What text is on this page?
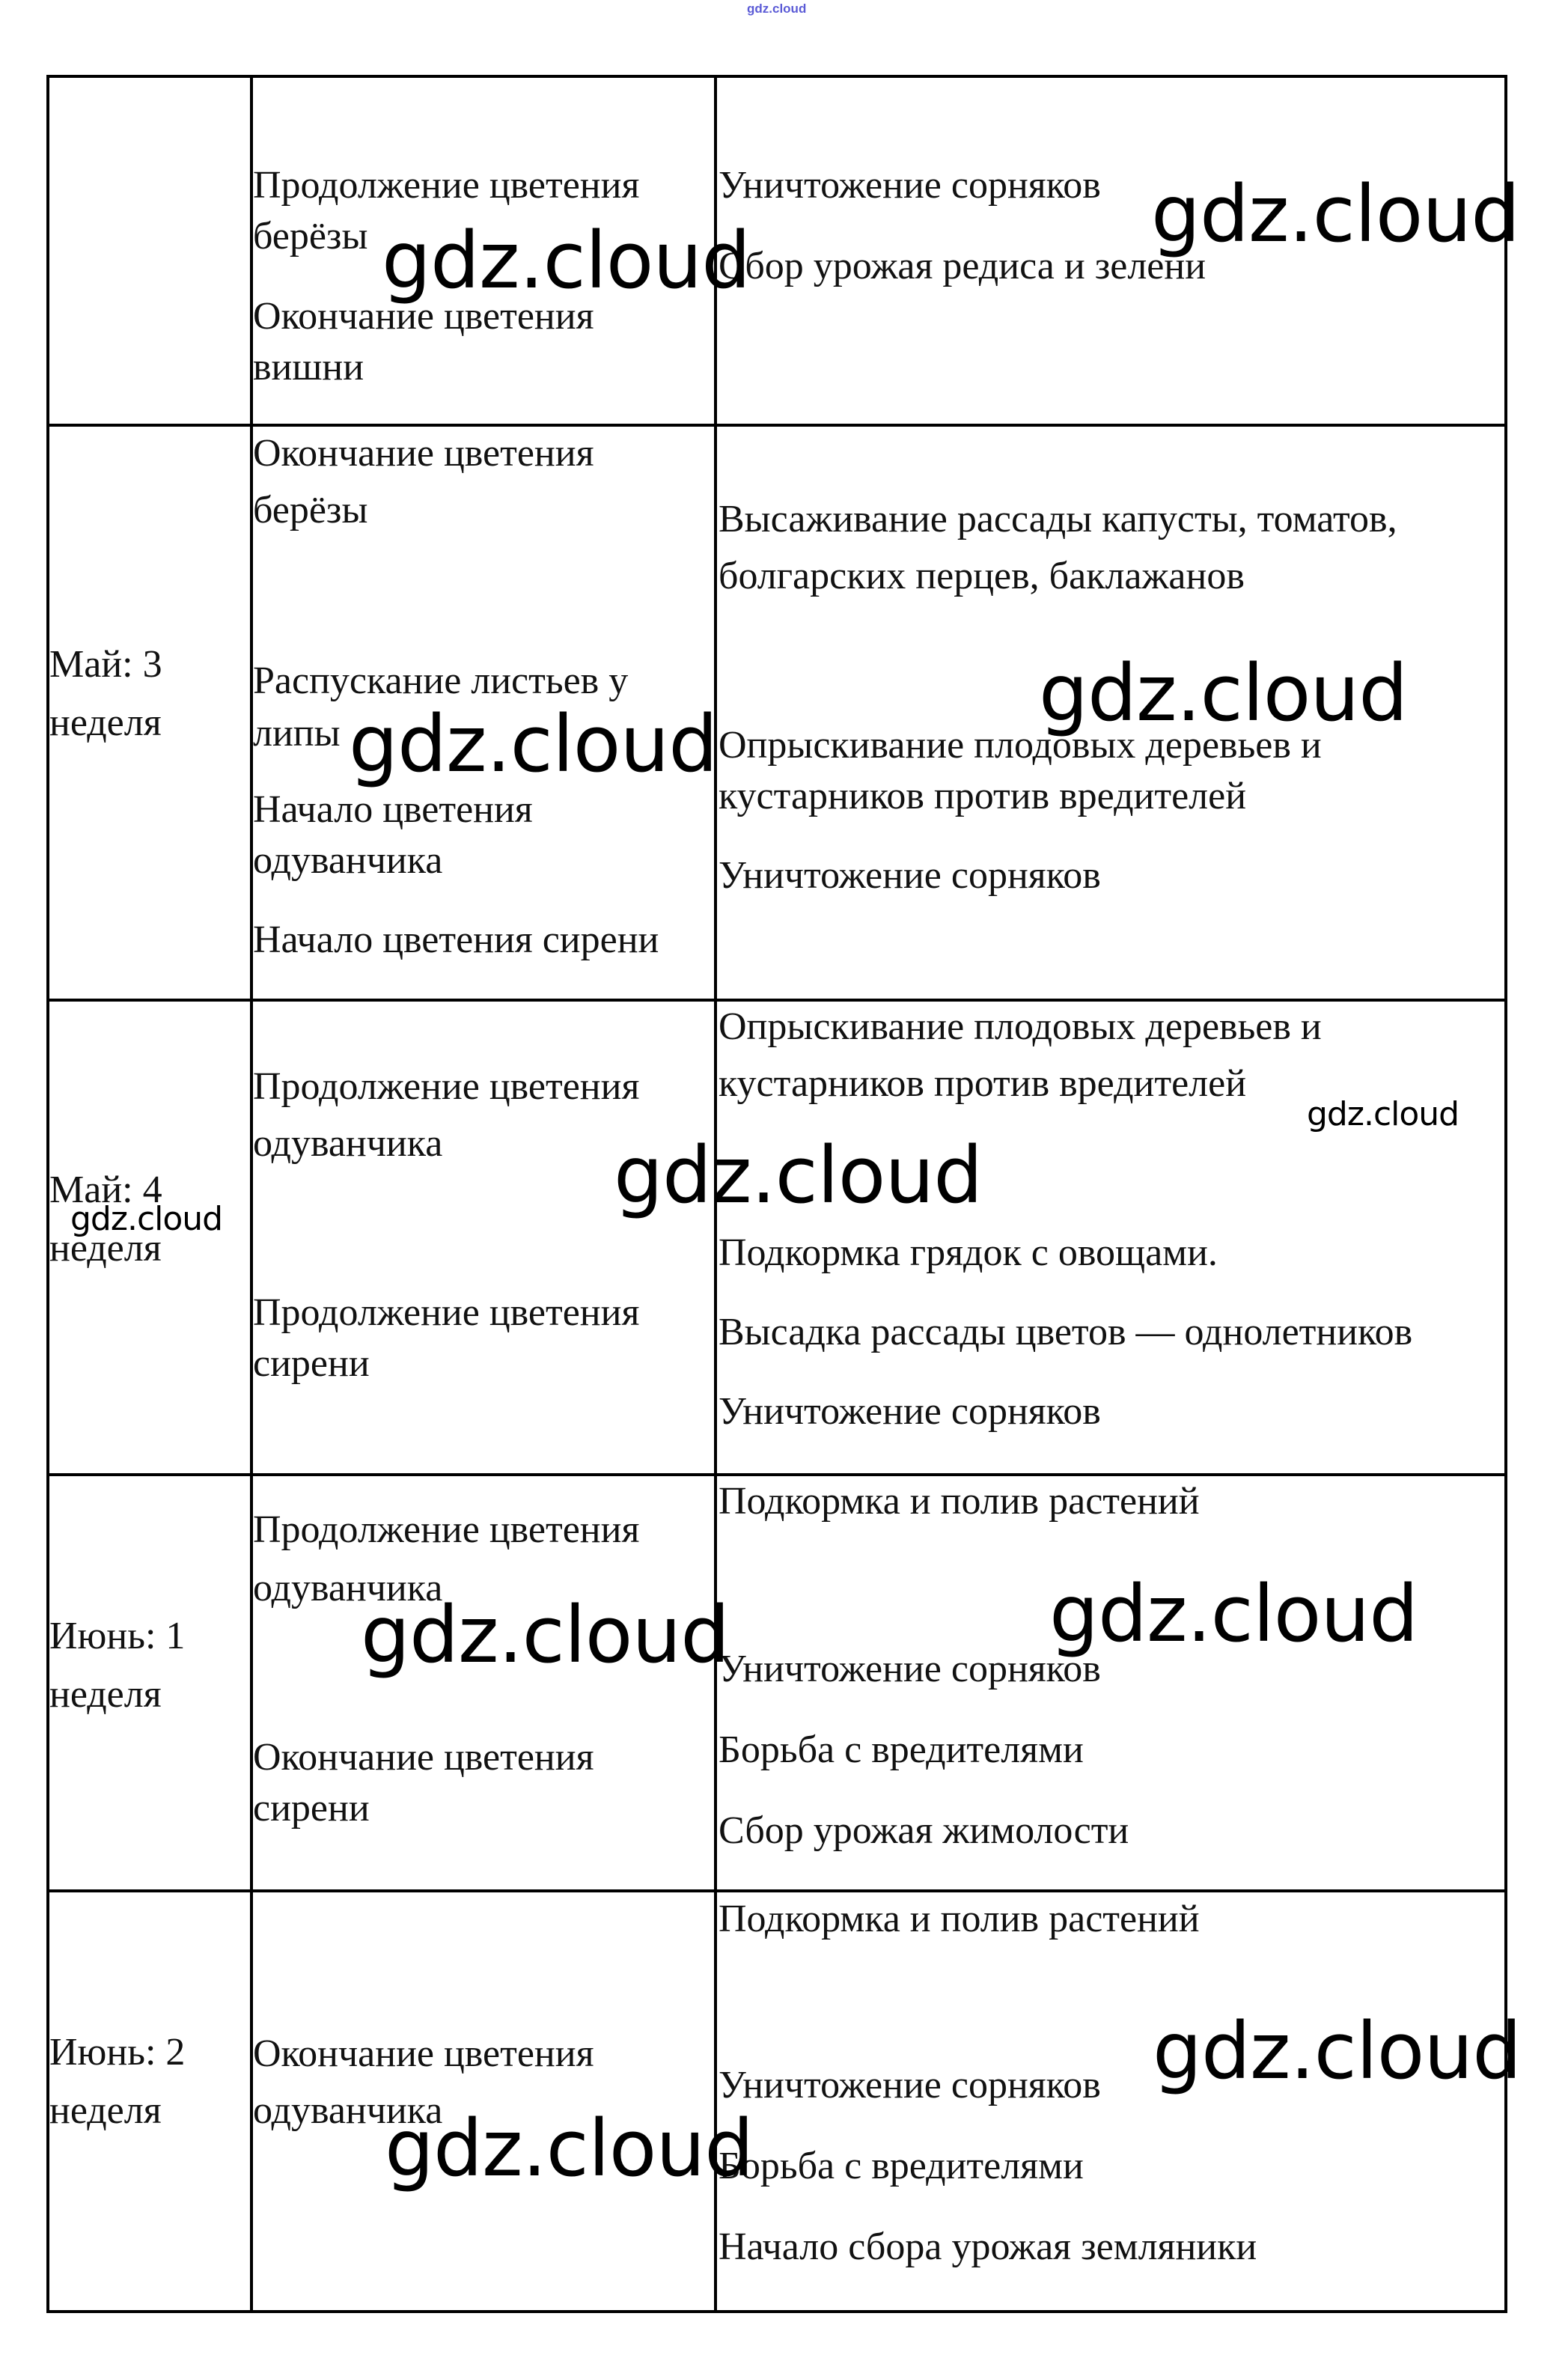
gdz.cloud
Продолжение цветения
берёзы
Окончание цветения
вишни
Уничтожение сорняков
Сбор урожая редиса и зелени
Май: 3
неделя
Окончание цветения
берёзы
Распускание листьев у
липы
Начало цветения
одуванчика
Начало цветения сирени
Высаживание рассады капусты, томатов,
болгарских перцев, баклажанов
Опрыскивание плодовых деревьев и
кустарников против вредителей
Уничтожение сорняков
Май: 4
неделя
Продолжение цветения
одуванчика
Продолжение цветения
сирени
Опрыскивание плодовых деревьев и
кустарников против вредителей
Подкормка грядок с овощами.
Высадка рассады цветов — однолетников
Уничтожение сорняков
Июнь: 1
неделя
Продолжение цветения
одуванчика
Окончание цветения
сирени
Подкормка и полив растений
Уничтожение сорняков
Борьба с вредителями
Сбор урожая жимолости
Июнь: 2
неделя
Окончание цветения
одуванчика
Подкормка и полив растений
Уничтожение сорняков
Борьба с вредителями
Начало сбора урожая земляники
gdz.cloud
gdz.cloud
gdz.cloud
gdz.cloud
gdz.cloud
gdz.cloud
gdz.cloud
gdz.cloud	gdz.cloud
gdz.cloud
gdz.cloud
